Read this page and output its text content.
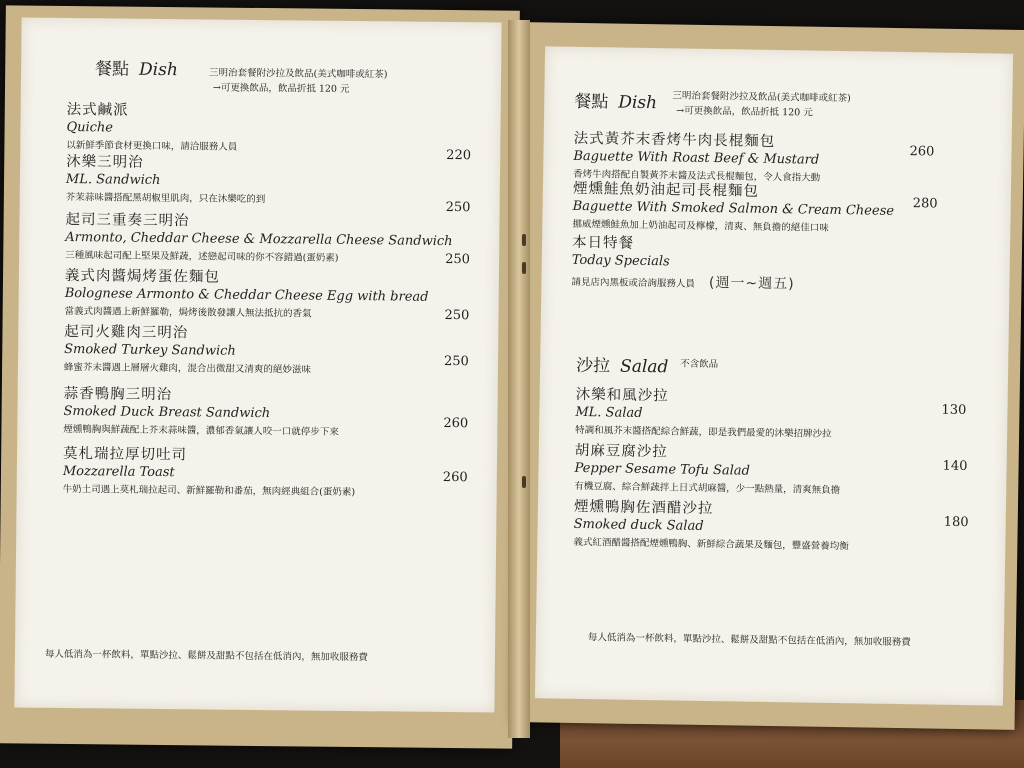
餐點 Dish	三明治套餐附沙拉及飲品(美式咖啡或紅茶)
→可更換飲品，飲品折抵 120 元
法式鹹派
Quiche
以新鮮季節食材更換口味，請洽服務人員
220
沐樂三明治
ML. Sandwich
芥茉蒜味醬搭配黑胡椒里肌肉，只在沐樂吃的到
250
起司三重奏三明治
Armonto, Cheddar Cheese & Mozzarella Cheese Sandwich
三種風味起司配上堅果及鮮蔬，述戀起司味的你不容錯過(蛋奶素)	250
義式肉醬焗烤蛋佐麵包
Bolognese Armonto & Cheddar Cheese Egg with bread
當義式肉醬遇上新鮮羅勒，焗烤後散發讓人無法抵抗的香氣	250
起司火雞肉三明治
Smoked Turkey Sandwich
蜂蜜芥末醬遇上層層火雞肉，混合出微甜又清爽的絕妙滋味	250
蒜香鴨胸三明治
Smoked Duck Breast Sandwich
煙燻鴨胸與鮮蔬配上芥末蒜味醬，濃郁香氣讓人咬一口就停步下來	260
莫札瑞拉厚切吐司
Mozzarella Toast
牛奶土司遇上莫札瑞拉起司、新鮮羅勒和番茄，無肉經典組合(蛋奶素)
260
每人低消為一杯飲料，單點沙拉、鬆餅及甜點不包括在低消內，無加收服務費
餐點 Dish 三明治套餐附沙拉及飲品(美式咖啡或紅茶)
→可更換飲品，飲品折抵 120 元
法式黃芥末香烤牛肉長棍麵包
Baguette With Roast Beef & Mustard
香烤牛肉搭配自製黃芥末醬及法式長棍麵包，令人食指大動
260
煙燻鮭魚奶油起司長棍麵包
Baguette With Smoked Salmon & Cream Cheese
挪威煙燻鮭魚加上奶油起司及檸檬，清爽、無負擔的絕佳口味
280
本日特餐
Today Specials
請見店內黑板或洽詢服務人員 (週一~週五)
沙拉 Salad 不含飲品
沐樂和風沙拉
ML. Salad
特調和風芥末醬搭配綜合鮮蔬，即是我們最愛的沐樂招牌沙拉
130
胡麻豆腐沙拉
Pepper Sesame Tofu Salad
有機豆腐、綜合鮮蔬拌上日式胡麻醬，少一點熱量，清爽無負擔
140
煙燻鴨胸佐酒醋沙拉
Smoked duck Salad
義式紅酒醋醬搭配煙燻鴨胸、新鮮綜合蔬果及麵包，豐盛營養均衡
180
每人低消為一杯飲料，單點沙拉、鬆餅及甜點不包括在低消內，無加收服務費
